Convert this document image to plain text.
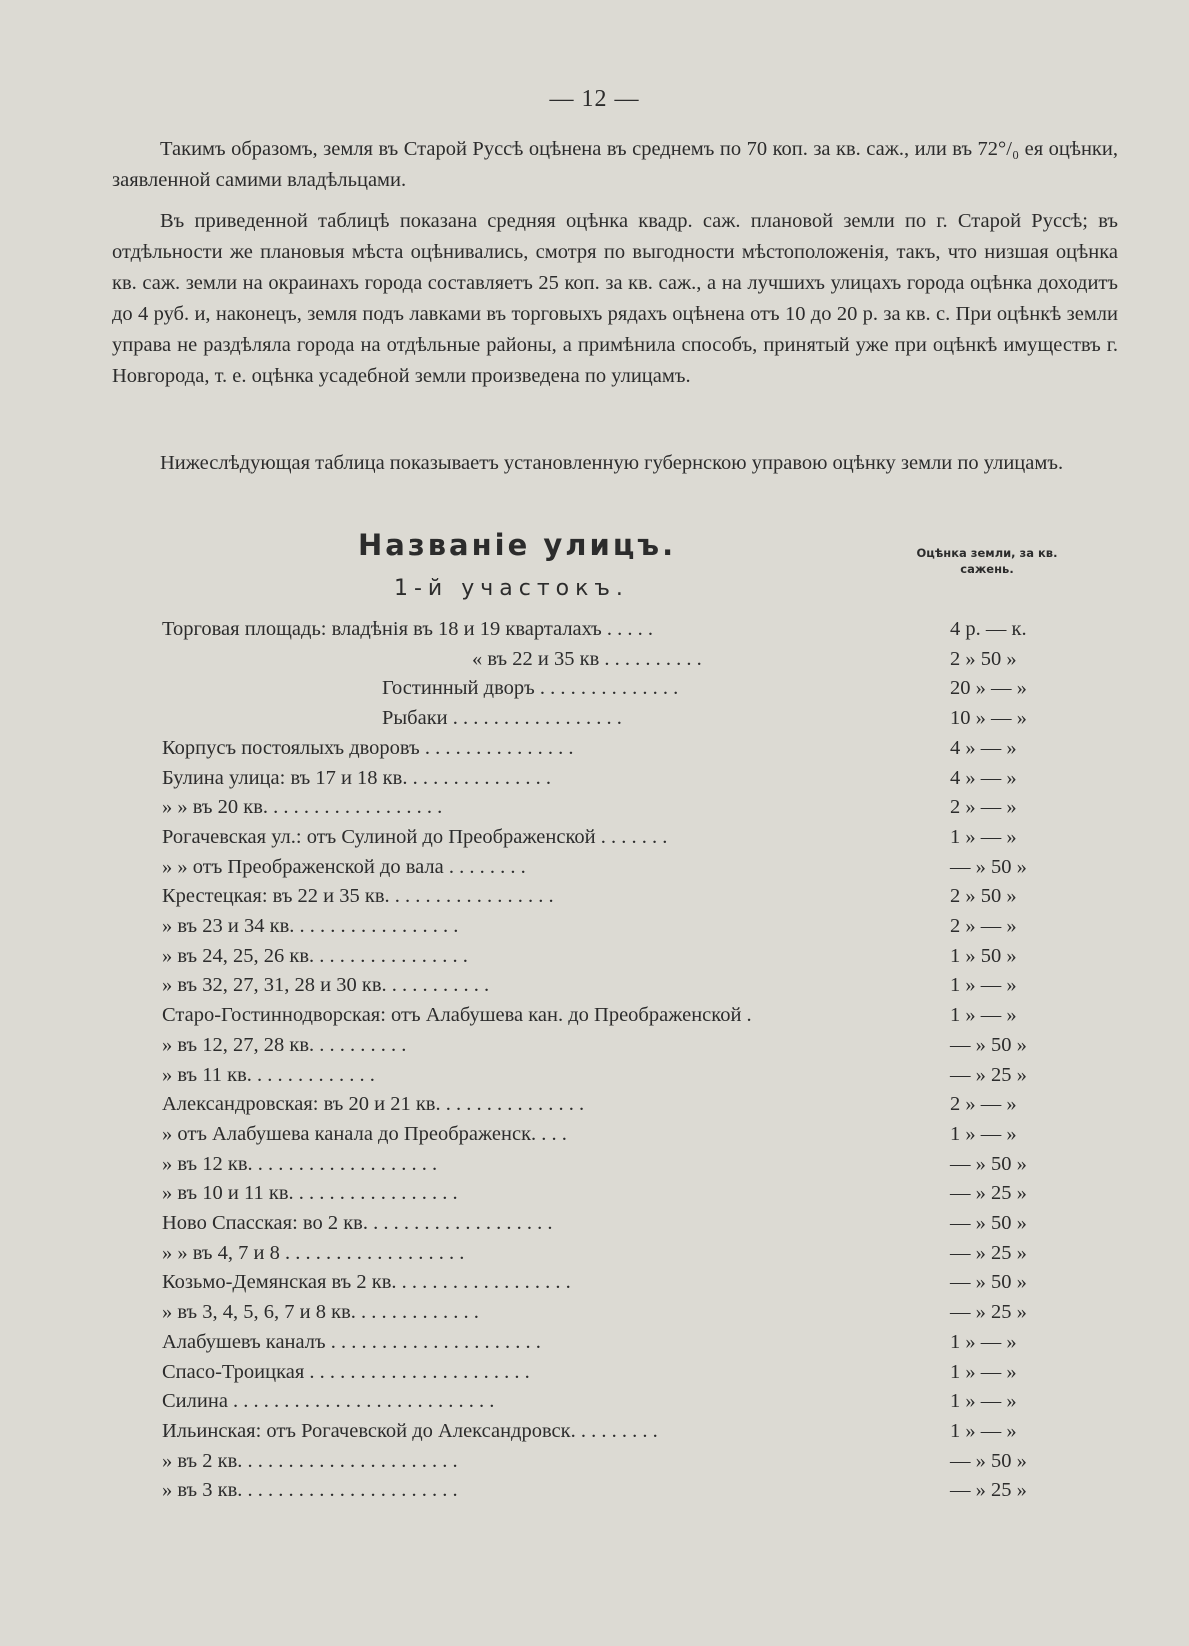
— 12 —

Такимъ образомъ, земля въ Старой Руссѣ оцѣнена въ среднемъ по 70 коп. за кв. саж., или въ 72°/₀ ея оцѣнки, заявленной самими владѣльцами.

Въ приведенной таблицѣ показана средняя оцѣнка квадр. саж. плановой земли по г. Старой Руссѣ; въ отдѣльности же плановыя мѣста оцѣнивались, смотря по выгодности мѣстоположенія, такъ, что низшая оцѣнка кв. саж. земли на окраинахъ города составляетъ 25 коп. за кв. саж., а на лучшихъ улицахъ города оцѣнка доходитъ до 4 руб. и, наконецъ, земля подъ лавками въ торговыхъ рядахъ оцѣнена отъ 10 до 20 р. за кв. с. При оцѣнкѣ земли управа не раздѣляла города на отдѣльные районы, а примѣнила способъ, принятый уже при оцѣнкѣ имуществъ г. Новгорода, т. е. оцѣнка усадебной земли произведена по улицамъ.

Нижеслѣдующая таблица показываетъ установленную губернскою управою оцѣнку земли по улицамъ.

Названіе улицъ.	Оцѣнка земли, за кв. сажень.
1-й участокъ.
Торговая площадь: владѣнія въ 18 и 19 кварталахъ . . . . .	4 р. — к.
« въ 22 и 35 кв . . . . . . . . . .	2 » 50 »
Гостинный дворъ . . . . . . . . . . . . . .	20 » — »
Рыбаки . . . . . . . . . . . . . . . . .	10 » — »
Корпусъ постоялыхъ дворовъ . . . . . . . . . . . . . . .	4 » — »
Булина улица: въ 17 и 18 кв. . . . . . . . . . . . . . .	4 » — »
» » въ 20 кв. . . . . . . . . . . . . . . . . .	2 » — »
Рогачевская ул.: отъ Сулиной до Преображенской . . . . . . .	1 » — »
» » отъ Преображенской до вала . . . . . . . .	— » 50 »
Крестецкая: въ 22 и 35 кв. . . . . . . . . . . . . . . . .	2 » 50 »
» въ 23 и 34 кв. . . . . . . . . . . . . . . . .	2 » — »
» въ 24, 25, 26 кв. . . . . . . . . . . . . . . .	1 » 50 »
» въ 32, 27, 31, 28 и 30 кв. . . . . . . . . . .	1 » — »
Старо-Гостиннодворская: отъ Алабушева кан. до Преображенской .	1 » — »
» въ 12, 27, 28 кв. . . . . . . . . .	— » 50 »
» въ 11 кв. . . . . . . . . . . . .	— » 25 »
Александровская: въ 20 и 21 кв. . . . . . . . . . . . . . .	2 » — »
» отъ Алабушева канала до Преображенск. . . .	1 » — »
» въ 12 кв. . . . . . . . . . . . . . . . . . .	— » 50 »
» въ 10 и 11 кв. . . . . . . . . . . . . . . . .	— » 25 »
Ново Спасская: во 2 кв. . . . . . . . . . . . . . . . . . .	— » 50 »
» » въ 4, 7 и 8 . . . . . . . . . . . . . . . . . .	— » 25 »
Козьмо-Демянская въ 2 кв. . . . . . . . . . . . . . . . . .	— » 50 »
» въ 3, 4, 5, 6, 7 и 8 кв. . . . . . . . . . . . .	— » 25 »
Алабушевъ каналъ . . . . . . . . . . . . . . . . . . . . .	1 » — »
Спасо-Троицкая . . . . . . . . . . . . . . . . . . . . . .	1 » — »
Силина . . . . . . . . . . . . . . . . . . . . . . . . . .	1 » — »
Ильинская: отъ Рогачевской до Александровск. . . . . . . . .	1 » — »
» въ 2 кв. . . . . . . . . . . . . . . . . . . . . .	— » 50 »
» въ 3 кв. . . . . . . . . . . . . . . . . . . . . .	— » 25 »
